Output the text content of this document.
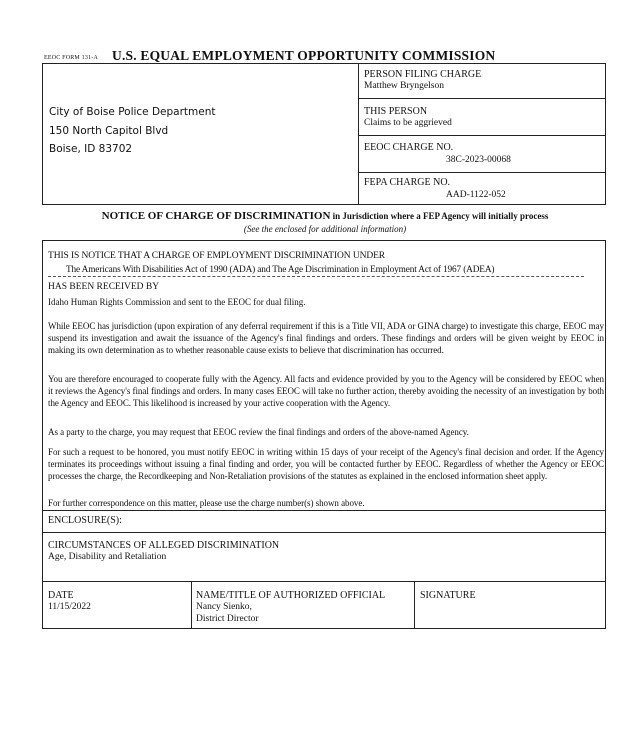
EEOC FORM 131-A U.S. EQUAL EMPLOYMENT OPPORTUNITY COMMISSION
City of Boise Police Department
150 North Capitol Blvd
Boise, ID 83702
PERSON FILING CHARGE
Matthew Bryngelson
THIS PERSON
Claims to be aggrieved
EEOC CHARGE NO.
38C-2023-00068
FEPA CHARGE NO.
AAD-1122-052
NOTICE OF CHARGE OF DISCRIMINATION in Jurisdiction where a FEP Agency will initially process
(See the enclosed for additional information)
THIS IS NOTICE THAT A CHARGE OF EMPLOYMENT DISCRIMINATION UNDER
The Americans With Disabilities Act of 1990 (ADA) and The Age Discrimination in Employment Act of 1967 (ADEA)
HAS BEEN RECEIVED BY
Idaho Human Rights Commission and sent to the EEOC for dual filing.
While EEOC has jurisdiction (upon expiration of any deferral requirement if this is a Title VII, ADA or GINA charge) to investigate this charge, EEOC may suspend its investigation and await the issuance of the Agency's final findings and orders. These findings and orders will be given weight by EEOC in making its own determination as to whether reasonable cause exists to believe that discrimination has occurred.
You are therefore encouraged to cooperate fully with the Agency. All facts and evidence provided by you to the Agency will be considered by EEOC when it reviews the Agency's final findings and orders. In many cases EEOC will take no further action, thereby avoiding the necessity of an investigation by both the Agency and EEOC. This likelihood is increased by your active cooperation with the Agency.
As a party to the charge, you may request that EEOC review the final findings and orders of the above-named Agency.
For such a request to be honored, you must notify EEOC in writing within 15 days of your receipt of the Agency's final decision and order. If the Agency terminates its proceedings without issuing a final finding and order, you will be contacted further by EEOC. Regardless of whether the Agency or EEOC processes the charge, the Recordkeeping and Non-Retaliation provisions of the statutes as explained in the enclosed information sheet apply.
For further correspondence on this matter, please use the charge number(s) shown above.
ENCLOSURE(S):
CIRCUMSTANCES OF ALLEGED DISCRIMINATION
Age, Disability and Retaliation
DATE
11/15/2022
NAME/TITLE OF AUTHORIZED OFFICIAL
Nancy Sienko,
District Director
SIGNATURE
